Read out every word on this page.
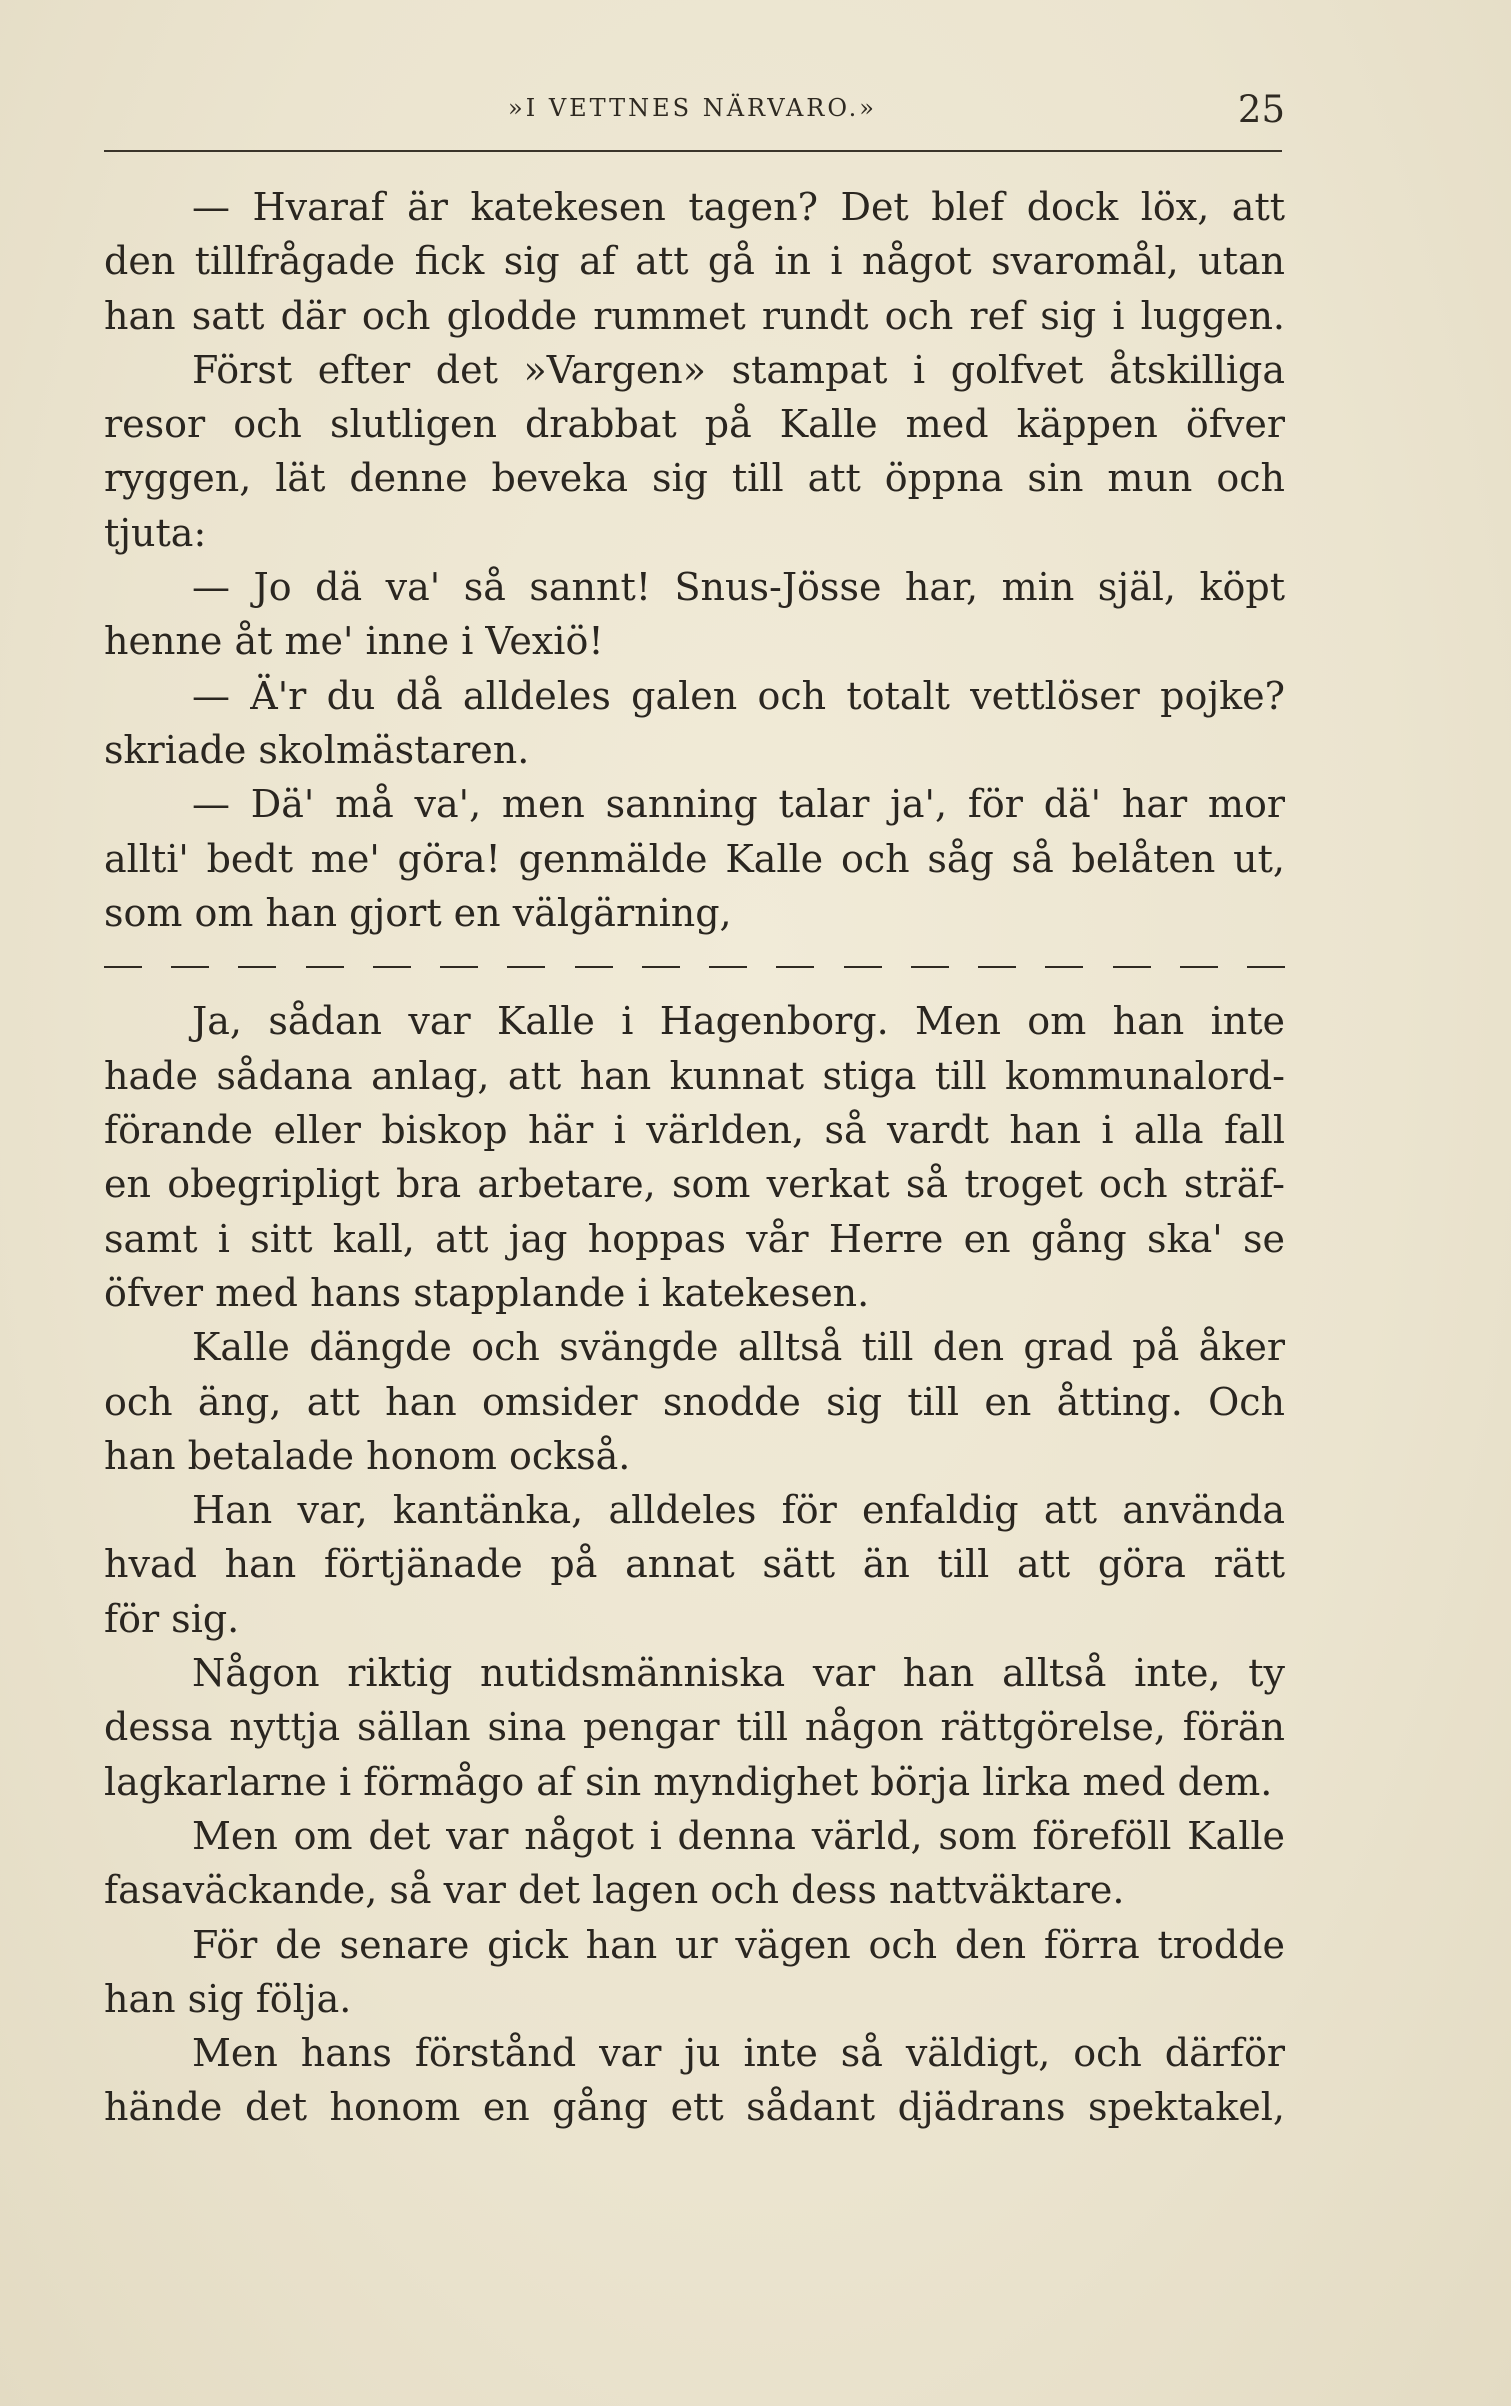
»I VETTNES NÄRVARO.»	25
— Hvaraf är katekesen tagen? Det blef dock löx, att
den tillfrågade fick sig af att gå in i något svaromål, utan
han satt där och glodde rummet rundt och ref sig i luggen.
Först efter det »Vargen» stampat i golfvet åtskilliga
resor och slutligen drabbat på Kalle med käppen öfver
ryggen, lät denne beveka sig till att öppna sin mun och
tjuta:
— Jo dä va' så sannt! Snus-Jösse har, min själ, köpt
henne åt me' inne i Vexiö!
— Ä'r du då alldeles galen och totalt vettlöser pojke?
skriade skolmästaren.
— Dä' må va', men sanning talar ja', för dä' har mor
allti' bedt me' göra! genmälde Kalle och såg så belåten ut,
som om han gjort en välgärning,
Ja, sådan var Kalle i Hagenborg. Men om han inte
hade sådana anlag, att han kunnat stiga till kommunalord-
förande eller biskop här i världen, så vardt han i alla fall
en obegripligt bra arbetare, som verkat så troget och sträf-
samt i sitt kall, att jag hoppas vår Herre en gång ska' se
öfver med hans stapplande i katekesen.
Kalle dängde och svängde alltså till den grad på åker
och äng, att han omsider snodde sig till en åtting. Och
han betalade honom också.
Han var, kantänka, alldeles för enfaldig att använda
hvad han förtjänade på annat sätt än till att göra rätt
för sig.
Någon riktig nutidsmänniska var han alltså inte, ty
dessa nyttja sällan sina pengar till någon rättgörelse, förän
lagkarlarne i förmågo af sin myndighet börja lirka med dem.
Men om det var något i denna värld, som föreföll Kalle
fasaväckande, så var det lagen och dess nattväktare.
För de senare gick han ur vägen och den förra trodde
han sig följa.
Men hans förstånd var ju inte så väldigt, och därför
hände det honom en gång ett sådant djädrans spektakel,
